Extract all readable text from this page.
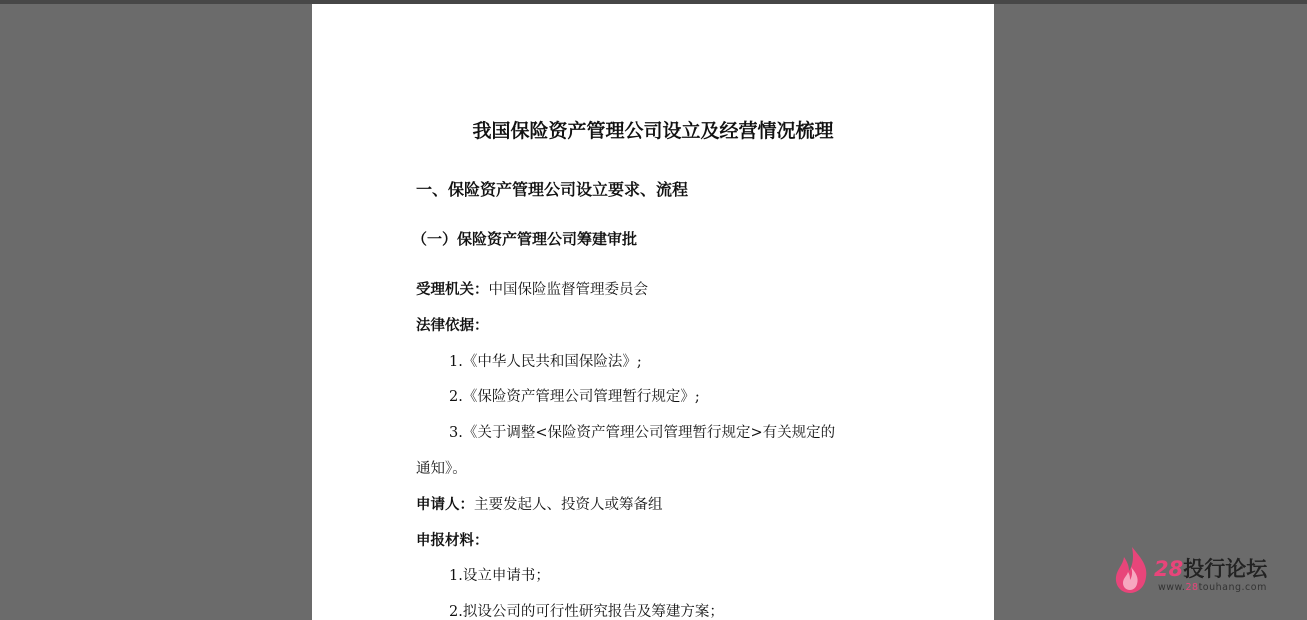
我国保险资产管理公司设立及经营情况梳理
一、保险资产管理公司设立要求、流程
（一）保险资产管理公司筹建审批
受理机关：中国保险监督管理委员会
法律依据：
1.《中华人民共和国保险法》;
2.《保险资产管理公司管理暂行规定》;
3.《关于调整<保险资产管理公司管理暂行规定>有关规定的
通知》。
申请人：主要发起人、投资人或筹备组
申报材料：
1.设立申请书；
2.拟设公司的可行性研究报告及筹建方案；
28投行论坛
www.28touhang.com
